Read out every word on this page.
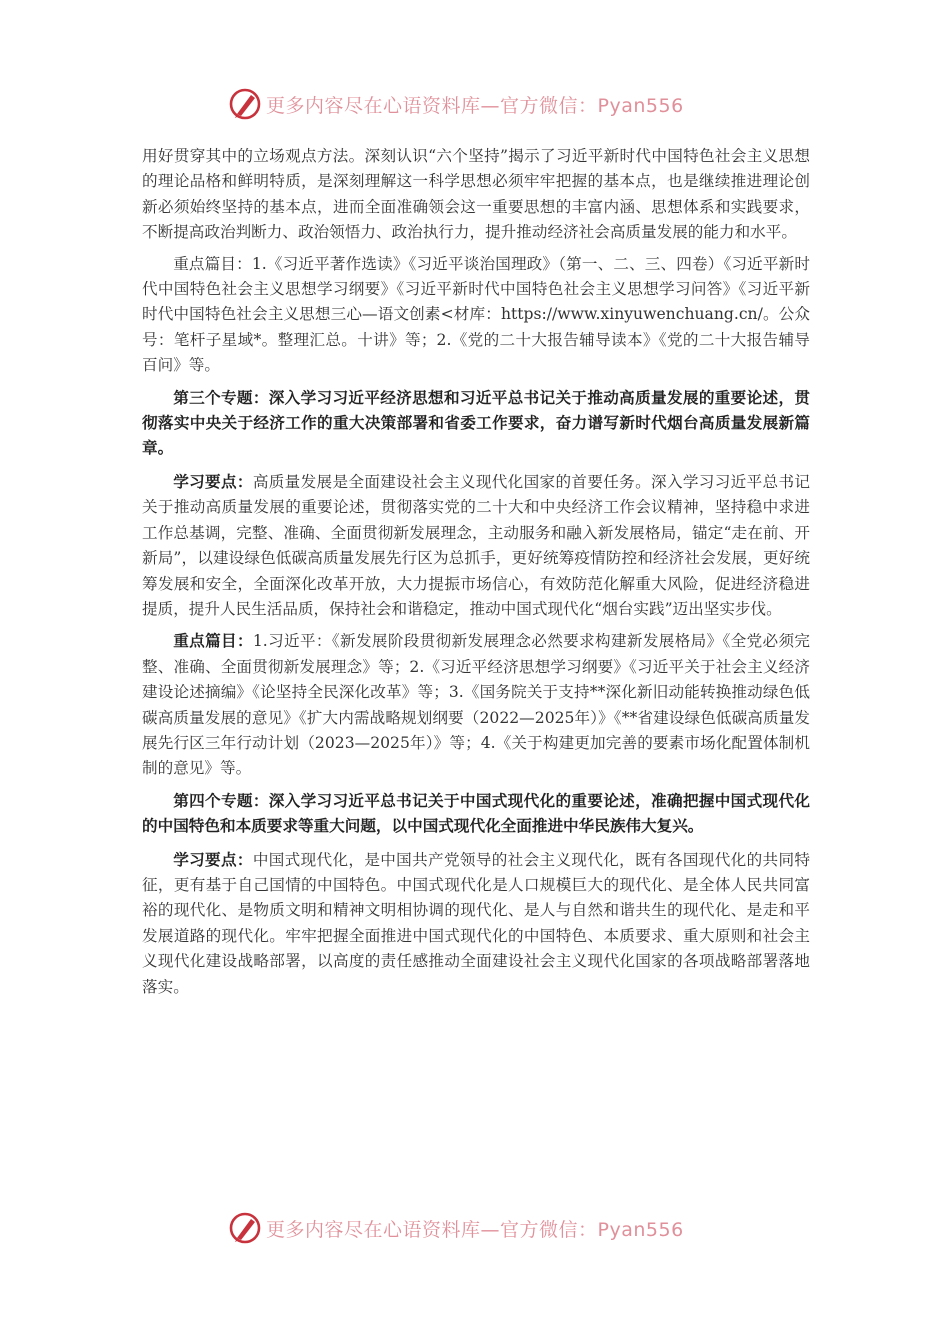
更多内容尽在心语资料库—官方微信：Pyan556

用好贯穿其中的立场观点方法。深刻认识“六个坚持”揭示了习近平新时代中国特色社会主义思想的理论品格和鲜明特质，是深刻理解这一科学思想必须牢牢把握的基本点，也是继续推进理论创新必须始终坚持的基本点，进而全面准确领会这一重要思想的丰富内涵、思想体系和实践要求，不断提高政治判断力、政治领悟力、政治执行力，提升推动经济社会高质量发展的能力和水平。

重点篇目：1.《习近平著作选读》《习近平谈治国理政》（第一、二、三、四卷）《习近平新时代中国特色社会主义思想学习纲要》《习近平新时代中国特色社会主义思想学习问答》《习近平新时代中国特色社会主义思想三心—语文创素<材库：https://www.xinyuwenchuang.cn/。公众号：笔杆子星域*。整理汇总。十讲》等；2.《党的二十大报告辅导读本》《党的二十大报告辅导百问》等。

第三个专题：深入学习习近平经济思想和习近平总书记关于推动高质量发展的重要论述，贯彻落实中央关于经济工作的重大决策部署和省委工作要求，奋力谱写新时代烟台高质量发展新篇章。

学习要点：高质量发展是全面建设社会主义现代化国家的首要任务。深入学习习近平总书记关于推动高质量发展的重要论述，贯彻落实党的二十大和中央经济工作会议精神，坚持稳中求进工作总基调，完整、准确、全面贯彻新发展理念，主动服务和融入新发展格局，锚定“走在前、开新局”，以建设绿色低碳高质量发展先行区为总抓手，更好统筹疫情防控和经济社会发展，更好统筹发展和安全，全面深化改革开放，大力提振市场信心，有效防范化解重大风险，促进经济稳进提质，提升人民生活品质，保持社会和谐稳定，推动中国式现代化“烟台实践”迈出坚实步伐。

重点篇目：1.习近平：《新发展阶段贯彻新发展理念必然要求构建新发展格局》《全党必须完整、准确、全面贯彻新发展理念》等；2.《习近平经济思想学习纲要》《习近平关于社会主义经济建设论述摘编》《论坚持全民深化改革》等；3.《国务院关于支持**深化新旧动能转换推动绿色低碳高质量发展的意见》《扩大内需战略规划纲要（2022—2025年）》《**省建设绿色低碳高质量发展先行区三年行动计划（2023—2025年）》等；4.《关于构建更加完善的要素市场化配置体制机制的意见》等。

第四个专题：深入学习习近平总书记关于中国式现代化的重要论述，准确把握中国式现代化的中国特色和本质要求等重大问题，以中国式现代化全面推进中华民族伟大复兴。

学习要点：中国式现代化，是中国共产党领导的社会主义现代化，既有各国现代化的共同特征，更有基于自己国情的中国特色。中国式现代化是人口规模巨大的现代化、是全体人民共同富裕的现代化、是物质文明和精神文明相协调的现代化、是人与自然和谐共生的现代化、是走和平发展道路的现代化。牢牢把握全面推进中国式现代化的中国特色、本质要求、重大原则和社会主义现代化建设战略部署，以高度的责任感推动全面建设社会主义现代化国家的各项战略部署落地落实。

更多内容尽在心语资料库—官方微信：Pyan556
